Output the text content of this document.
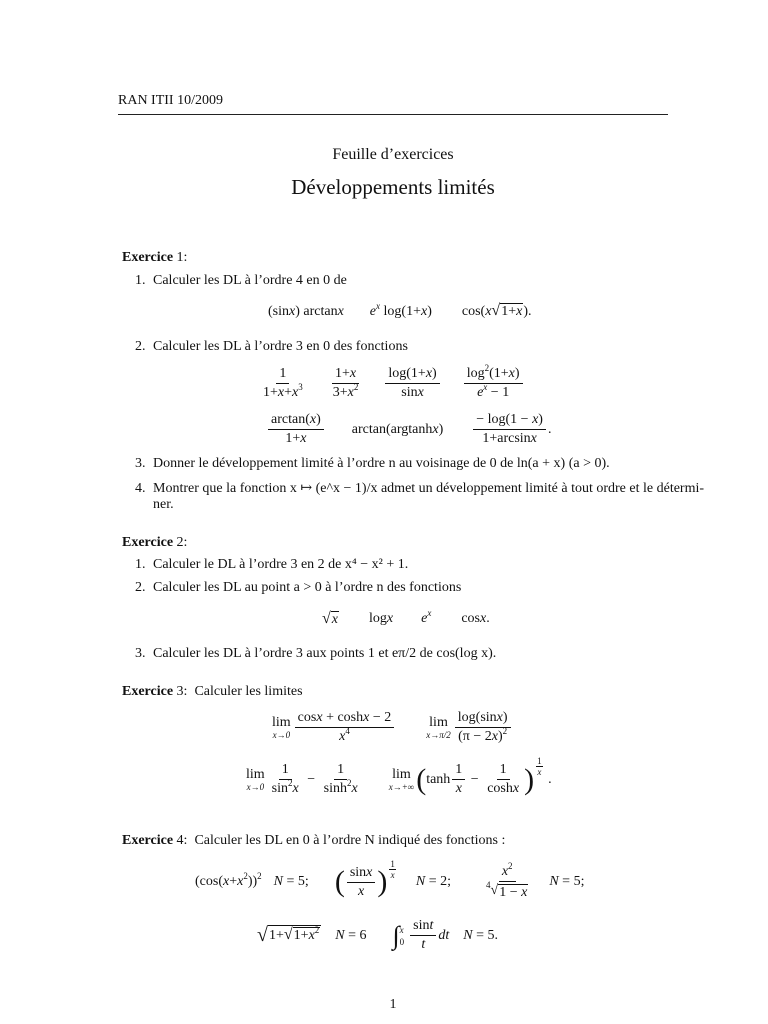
RAN ITII 10/2009
Feuille d’exercices
Développements limités
Exercice 1:
1. Calculer les DL à l’ordre 4 en 0 de
(sinx) arctanx $e^x$ log(1+x) cos(x √ 1+x ).
2. Calculer les DL à l’ordre 3 en 0 des fonctions
$\frac{1}{1+x+x^3} \frac{1+x}{3+x^2} \frac{\log(1+x)}{\sin x} \frac{\log^2(1+x)}{e^x - 1}$
$\frac{\arctan(x)}{1+x} \arctan(argtanhx) \frac{- \log(1 - x)}{1+\arcsin x}$ .
3. Donner le développement limité à l’ordre n au voisinage de 0 de ln(a + x) (a > 0).
4. Montrer que la fonction x ↦ (e^x − 1)/x admet un développement limité à tout ordre et le détermi-
ner.
Exercice 2:
1. Calculer le DL à l’ordre 3 en 2 de x⁴ − x² + 1.
2. Calculer les DL au point a > 0 à l’ordre n des fonctions
√ x logx $e^x$ cosx.
3. Calculer les DL à l’ordre 3 aux points 1 et eπ/2 de cos(log x).
Exercice 3: Calculer les limites
lim
$x\to 0 \frac{\cos x + \cosh x - 2}{x^4}$ lim
$x\to\pi/2 \frac{\log(\sin x)}{(\pi - 2x)^2}$
lim
$x\to 0 \frac{1}{\sin^2x} - \frac{1}{\sinh^2x}$ lim
x→+∞ ( $\tanh \frac{1}{x} - \frac{1}{\cosh x}$ ) $\frac{1}{x}$
.
Exercice 4: Calculer les DL en 0 à l’ordre N indiqué des fonctions :
$(\cos(x+x^2))^2$ N = 5; ( $\frac{\sin x}{x}$ ) $\frac{1}{x}$
N = 2; $\frac{x^2}{^4 √ 1 - x}$ N = 5;
√ 1+ √ $1+x^2$ N = 6 ∫ x
$0 \frac{\sin t}{t}$ dt N = 5.
1
